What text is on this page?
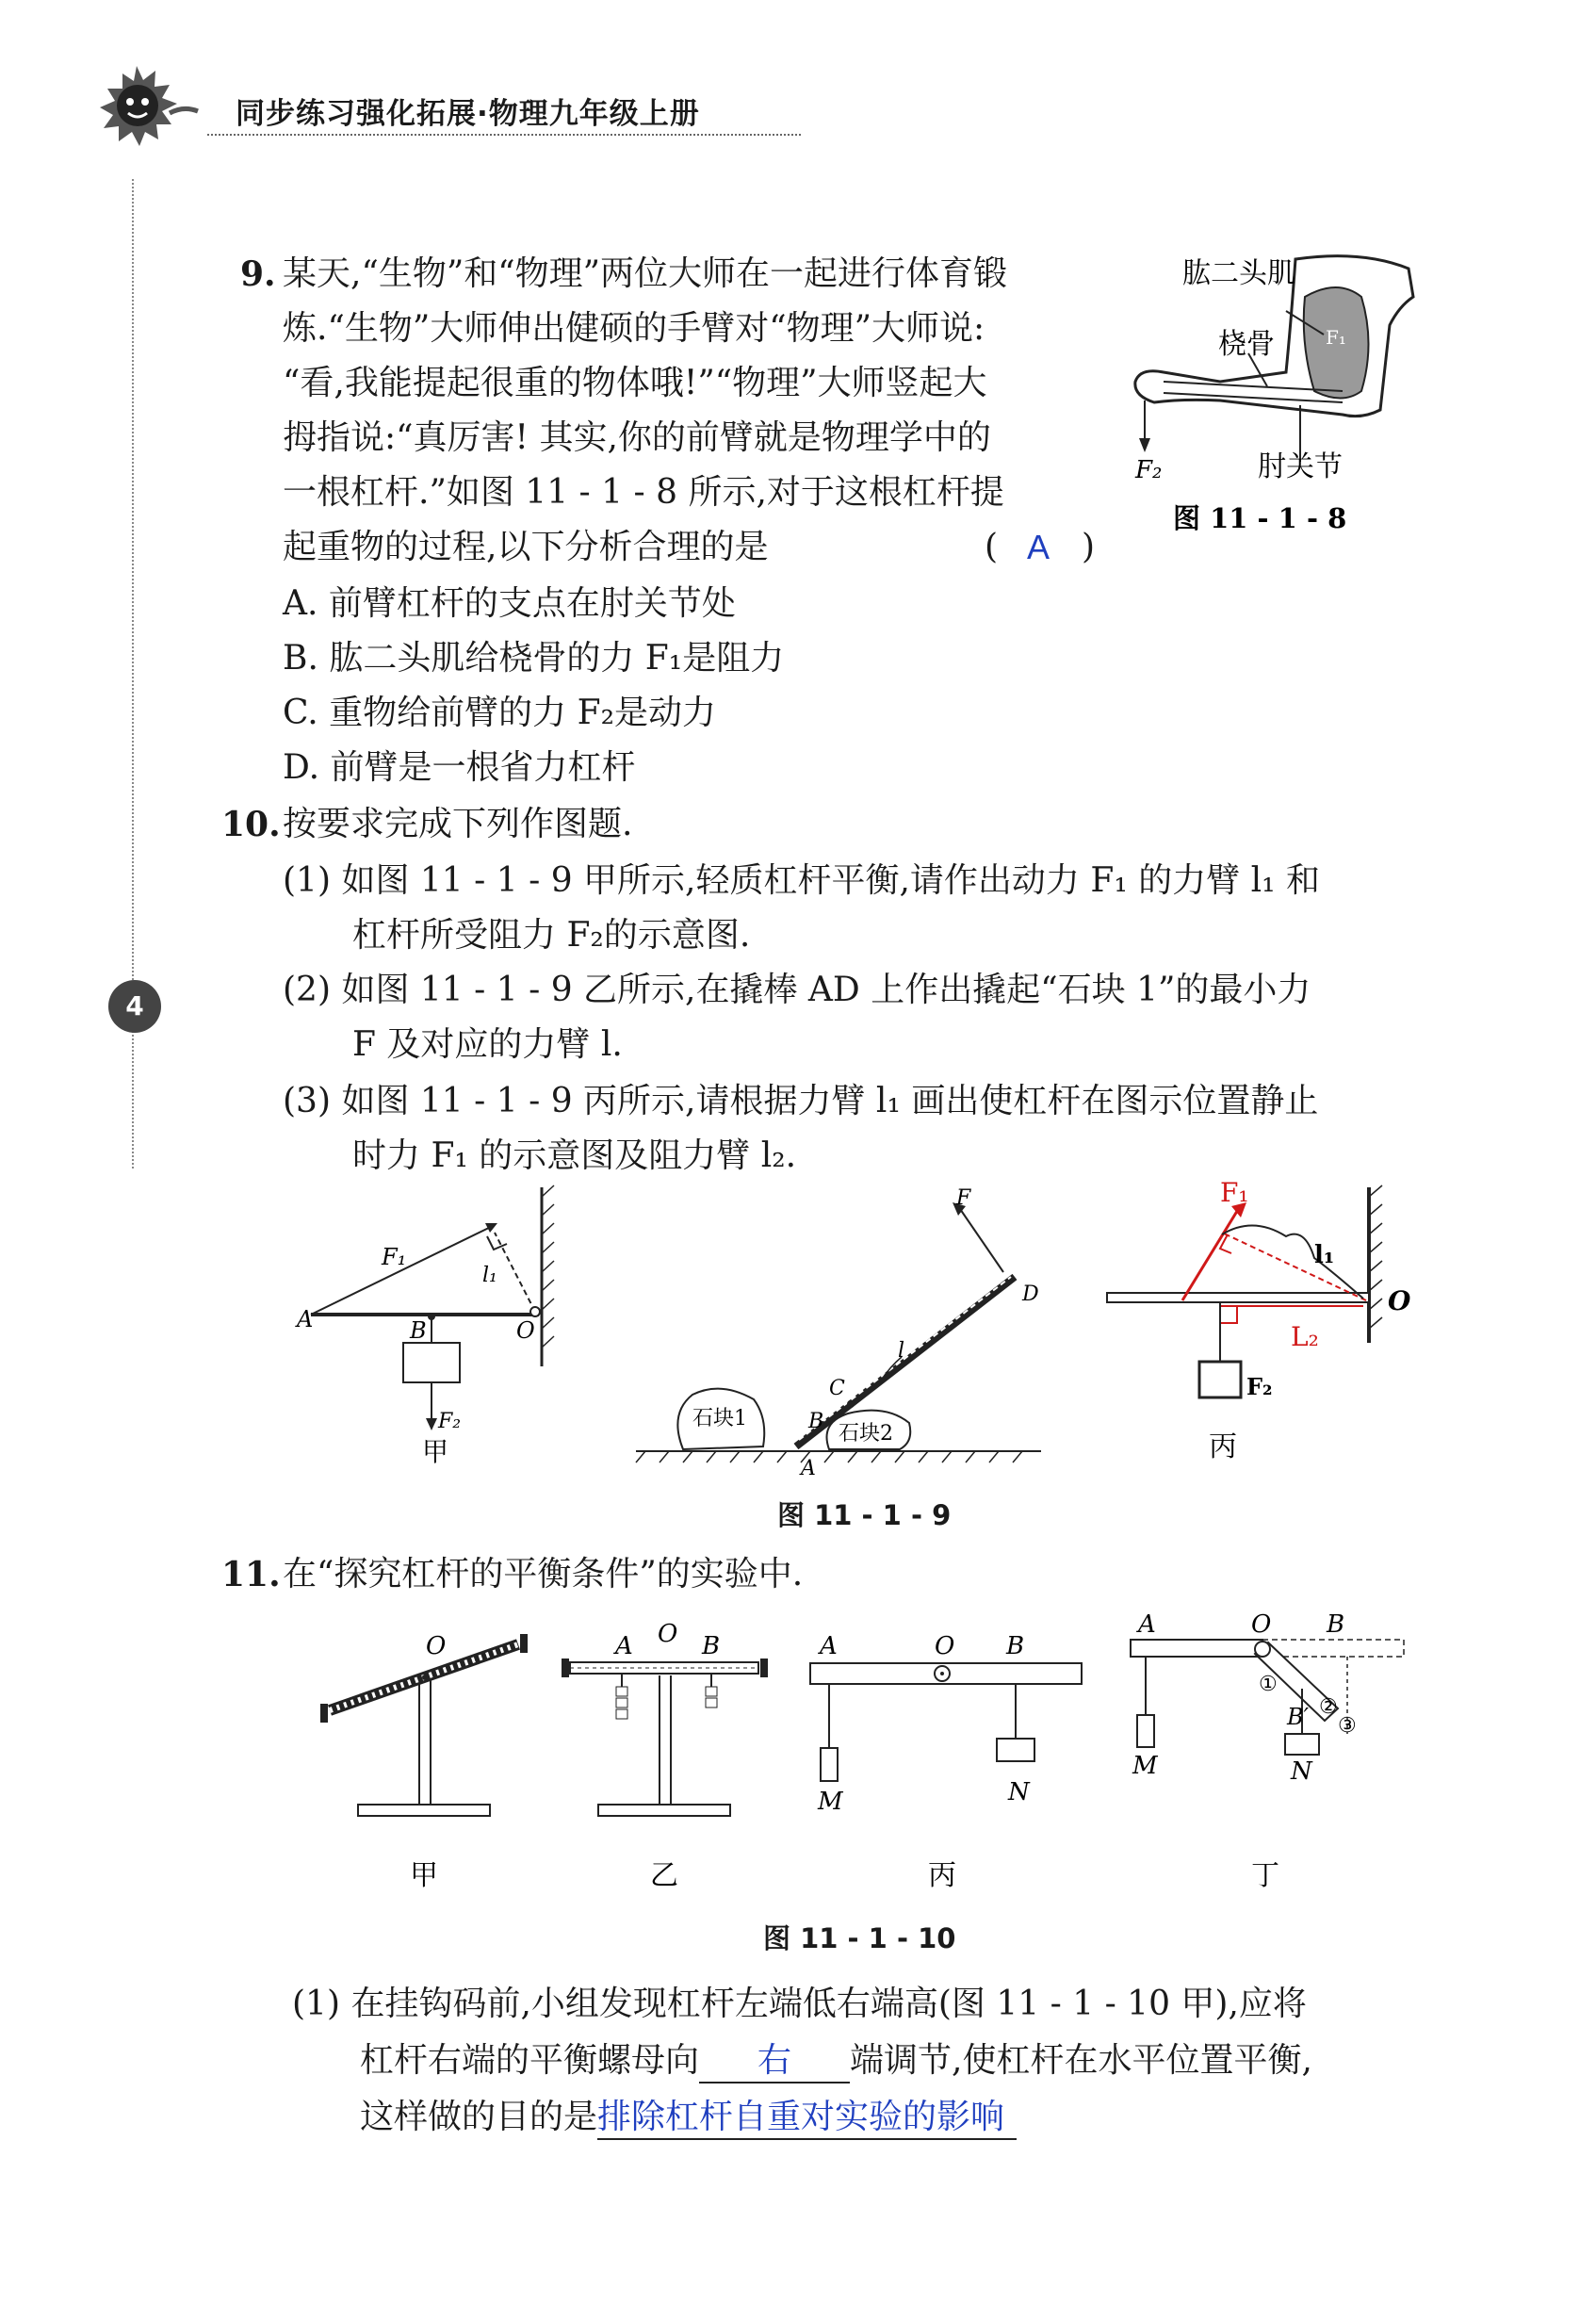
同步练习强化拓展·物理九年级上册
4
9. 某天,“生物”和“物理”两位大师在一起进行体育锻
炼.“生物”大师伸出健硕的手臂对“物理”大师说:
“看,我能提起很重的物体哦!”“物理”大师竖起大
拇指说:“真厉害! 其实,你的前臂就是物理学中的
一根杠杆.”如图 11 - 1 - 8 所示,对于这根杠杆提
起重物的过程,以下分析合理的是	( A )
A. 前臂杠杆的支点在肘关节处
B. 肱二头肌给桡骨的力 F₁是阻力
C. 重物给前臂的力 F₂是动力
D. 前臂是一根省力杠杆
肱二头肌
桡骨	F₁
F₂	肘关节
图 11 - 1 - 8
10. 按要求完成下列作图题.
(1) 如图 11 - 1 - 9 甲所示,轻质杠杆平衡,请作出动力 F₁ 的力臂 l₁ 和
杠杆所受阻力 F₂的示意图.
(2) 如图 11 - 1 - 9 乙所示,在撬棒 AD 上作出撬起“石块 1”的最小力
F 及对应的力臂 l.
(3) 如图 11 - 1 - 9 丙所示,请根据力臂 l₁ 画出使杠杆在图示位置静止
时力 F₁ 的示意图及阻力臂 l₂.
A	B	O
F₁
l₁
F₂
甲
F
D
l
C
B
A
石块1
石块2
F₁
l₁
L₂
O
F₂
丙
图 11 - 1 - 9
11. 在“探究杠杆的平衡条件”的实验中.
O
甲
A O B
乙
A	O B
M	N
丙
A	O B
①
②
③
B′
M	N
丁
图 11 - 1 - 10
(1) 在挂钩码前,小组发现杠杆左端低右端高(图 11 - 1 - 10 甲),应将
杠杆右端的平衡螺母向 右 端调节,使杠杆在水平位置平衡,
这样做的目的是排除杠杆自重对实验的影响
